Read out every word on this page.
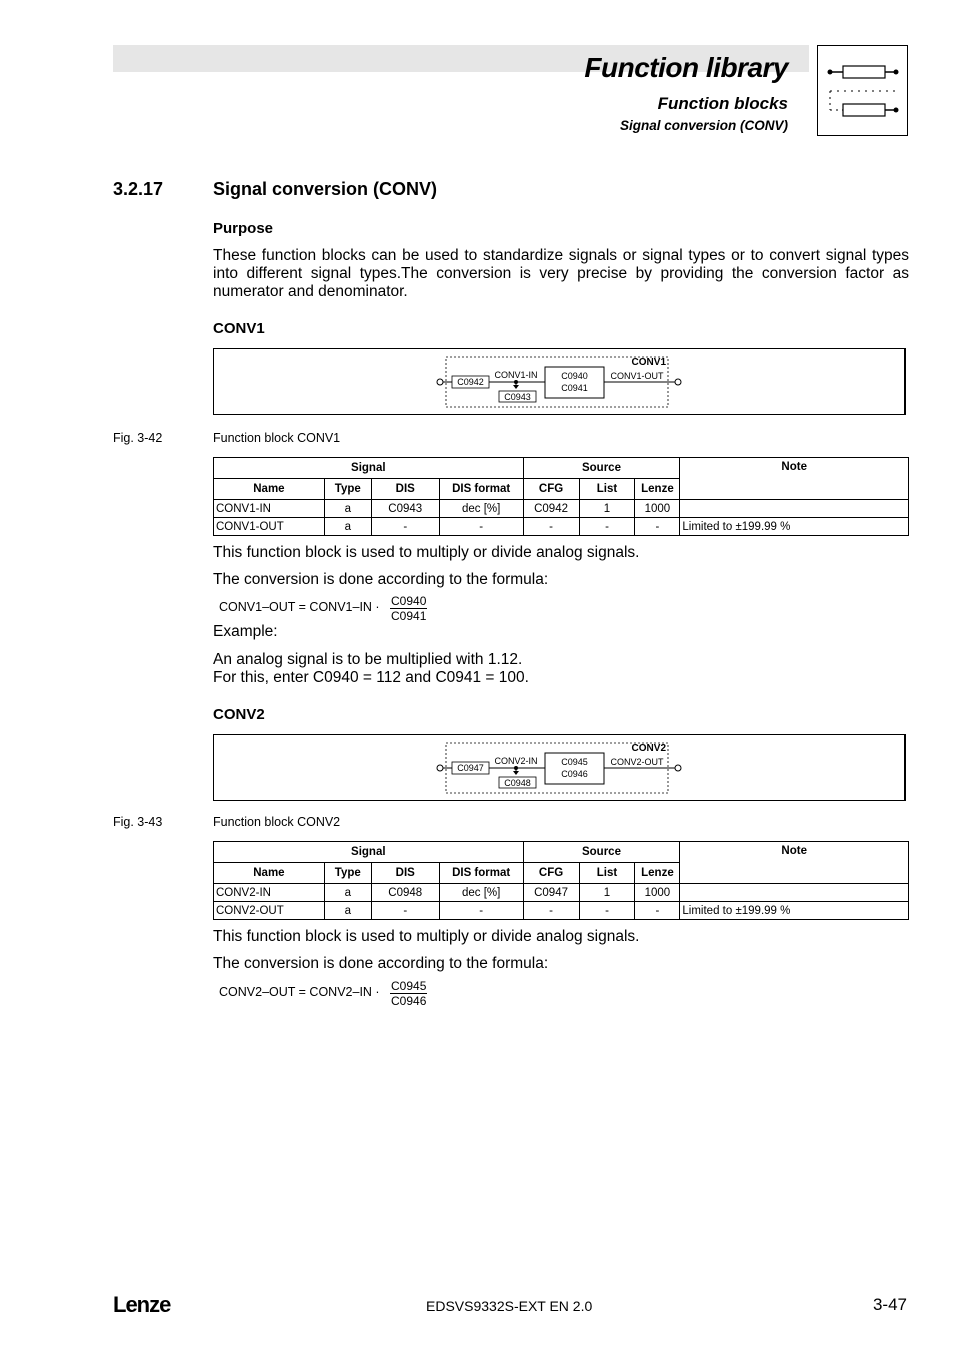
Function library
Function blocks
Signal conversion (CONV)
3.2.17	Signal conversion (CONV)
Purpose
These function blocks can be used to standardize signals or signal types or to convert signal types into different signal types.The conversion is very precise by providing the conversion factor as numerator and denominator.
CONV1
CONV1
C0942
CONV1-IN
C0943
C0940
C0941
CONV1-OUT
Fig. 3-42	Function block CONV1
Signal				Source			Note
Name	Type	DIS	DIS format	CFG	List	Lenze	
CONV1-IN	a	C0943	dec [%]	C0942	1	1000	
CONV1-OUT	a	-	-	-	-	-	Limited to ±199.99 %
This function block is used to multiply or divide analog signals.
The conversion is done according to the formula:
CONV1–OUT = CONV1–IN · $\frac{C0940}{C0941}$
Example:
An analog signal is to be multiplied with 1.12.
For this, enter C0940 = 112 and C0941 = 100.
CONV2
CONV2
C0947
CONV2-IN
C0948
C0945
C0946
CONV2-OUT
Fig. 3-43	Function block CONV2
Signal				Source			Note
Name	Type	DIS	DIS format	CFG	List	Lenze	
CONV2-IN	a	C0948	dec [%]	C0947	1	1000	
CONV2-OUT	a	-	-	-	-	-	Limited to ±199.99 %
This function block is used to multiply or divide analog signals.
The conversion is done according to the formula:
CONV2–OUT = CONV2–IN · $\frac{C0945}{C0946}$
Lenze	EDSVS9332S-EXT EN 2.0	3-47
